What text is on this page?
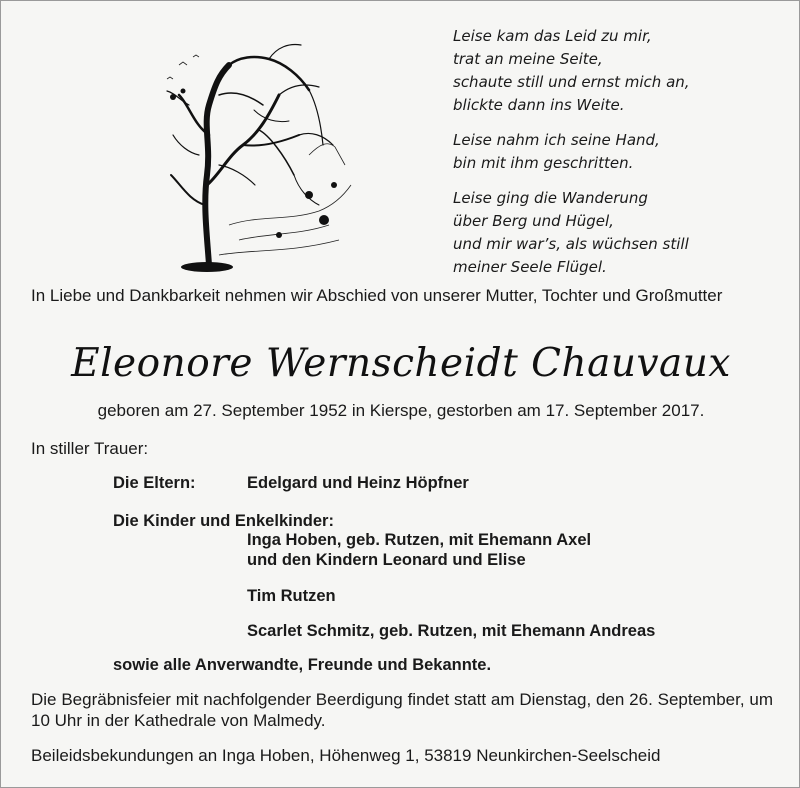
Leise kam das Leid zu mir,
trat an meine Seite,
schaute still und ernst mich an,
blickte dann ins Weite.

Leise nahm ich seine Hand,
bin mit ihm geschritten.

Leise ging die Wanderung
über Berg und Hügel,
und mir war’s, als wüchsen still
meiner Seele Flügel.

In Liebe und Dankbarkeit nehmen wir Abschied von unserer Mutter, Tochter und Großmutter
Eleonore Wernscheidt Chauvaux
geboren am 27. September 1952 in Kierspe, gestorben am 17. September 2017.
In stiller Trauer:
Die Eltern:	Edelgard und Heinz Höpfner
Die Kinder und Enkelkinder:
Inga Hoben, geb. Rutzen, mit Ehemann Axel
und den Kindern Leonard und Elise
Tim Rutzen
Scarlet Schmitz, geb. Rutzen, mit Ehemann Andreas
sowie alle Anverwandte, Freunde und Bekannte.
Die Begräbnisfeier mit nachfolgender Beerdigung findet statt am Dienstag, den 26. September, um 10 Uhr in der Kathedrale von Malmedy.
Beileidsbekundungen an Inga Hoben, Höhenweg 1, 53819 Neunkirchen-Seelscheid
